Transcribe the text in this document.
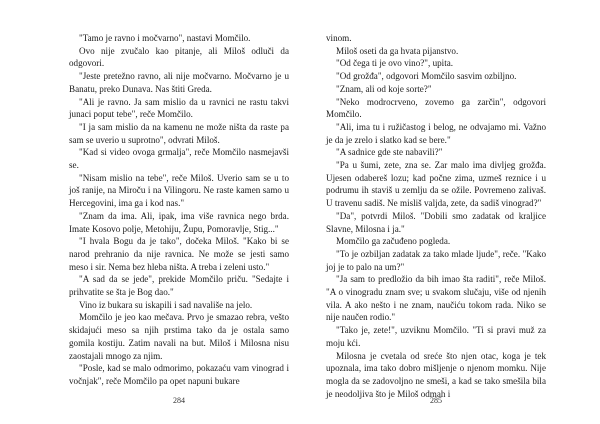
"Tamo je ravno i močvarno", nastavi Momčilo.

Ovo nije zvučalo kao pitanje, ali Miloš odluči da odgovori.

"Jeste pretežno ravno, ali nije močvarno. Močvarno je u Banatu, preko Dunava. Nas štiti Greda.

"Ali je ravno. Ja sam mislio da u ravnici ne rastu takvi junaci poput tebe", reče Momčilo.

"I ja sam mislio da na kamenu ne može ništa da raste pa sam se uverio u suprotno", odvrati Miloš.

"Kad si video ovoga grmalja", reče Momčilo nasmejavši se.

"Nisam mislio na tebe", reče Miloš. Uverio sam se u to još ranije, na Miroču i na Vilingoru. Ne raste kamen samo u Hercegovini, ima ga i kod nas."

"Znam da ima. Ali, ipak, ima više ravnica nego brda. Imate Kosovo polje, Metohiju, Župu, Pomoravlje, Stig..."

"I hvala Bogu da je tako", dočeka Miloš. "Kako bi se narod prehranio da nije ravnica. Ne može se jesti samo meso i sir. Nema bez hleba ništa. A treba i zeleni usto."

"A sad da se jede", prekide Momčilo priču. "Sedajte i prihvatite se šta je Bog dao."

Vino iz bukara su iskapili i sad navališe na jelo.

Momčilo je jeo kao mečava. Prvo je smazao rebra, vešto skidajući meso sa njih prstima tako da je ostala samo gomila kostiju. Zatim navali na but. Miloš i Milosna nisu zaostajali mnogo za njim.

"Posle, kad se malo odmorimo, pokazaću vam vinograd i vočnjak", reče Momčilo pa opet napuni bukare

284

vinom.

Miloš oseti da ga hvata pijanstvo.

"Od čega ti je ovo vino?", upita.

"Od grožđa", odgovori Momčilo sasvim ozbiljno.

"Znam, ali od koje sorte?"

"Neko modrocrveno, zovemo ga zarčin", odgovori Momčilo.

"Ali, ima tu i ružičastog i belog, ne odvajamo mi. Važno je da je zrelo i slatko kad se bere."

"A sadnice gde ste nabavili?"

"Pa u šumi, zete, zna se. Zar malo ima divljeg grožđa. Ujesen odabereš lozu; kad počne zima, uzmeš reznice i u podrumu ih staviš u zemlju da se ožile. Povremeno zalivaš. U travenu sadiš. Ne misliš valjda, zete, da sadiš vinograd?"

"Da", potvrdi Miloš. "Dobili smo zadatak od kraljice Slavne, Milosna i ja."

Momčilo ga začuđeno pogleda.

"To je ozbiljan zadatak za tako mlade ljude", reče. "Kako joj je to palo na um?"

"Ja sam to predložio da bih imao šta raditi", reče Miloš. "A o vinogradu znam sve; u svakom slučaju, više od njenih vila. A ako nešto i ne znam, naučiću tokom rada. Niko se nije naučen rodio."

"Tako je, zete!", uzviknu Momčilo. "Ti si pravi muž za moju kći.

Milosna je cvetala od sreće što njen otac, koga je tek upoznala, ima tako dobro mišljenje o njenom momku. Nije mogla da se zadovoljno ne smeši, a kad se tako smešila bila je neodoljiva što je Miloš odmah i

285
